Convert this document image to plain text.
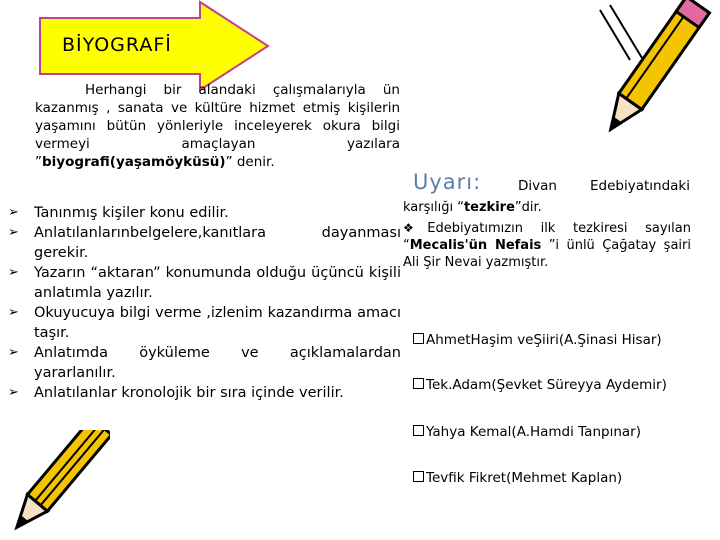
BİYOGRAFİ
Herhangi bir alandaki çalışmalarıyla ün kazanmış , sanata ve kültüre hizmet etmiş kişilerin yaşamını bütün yönleriyle inceleyerek okura bilgi vermeyi amaçlayan yazılara ”biyografi(yaşamöyküsü)” denir.
➢ Tanınmış kişiler konu edilir.
➢ Anlatılanlarınbelgelere,kanıtlara dayanması gerekir.
➢ Yazarın “aktaran” konumunda olduğu üçüncü kişili anlatımla yazılır.
➢ Okuyucuya bilgi verme ,izlenim kazandırma amacı taşır.
➢ Anlatımda öyküleme ve açıklamalardan yararlanılır.
➢ Anlatılanlar kronolojik bir sıra içinde verilir.
Uyarı:	Divan Edebiyatındaki
karşılığı “tezkire”dir.
❖Edebiyatımızın ilk tezkiresi sayılan “Mecalis'ün Nefais ”i ünlü Çağatay şairi Ali Şir Nevai yazmıştır.
AhmetHaşim veŞiiri(A.Şinasi Hisar)
Tek.Adam(Şevket Süreyya Aydemir)
Yahya Kemal(A.Hamdi Tanpınar)
Tevfik Fikret(Mehmet Kaplan)
